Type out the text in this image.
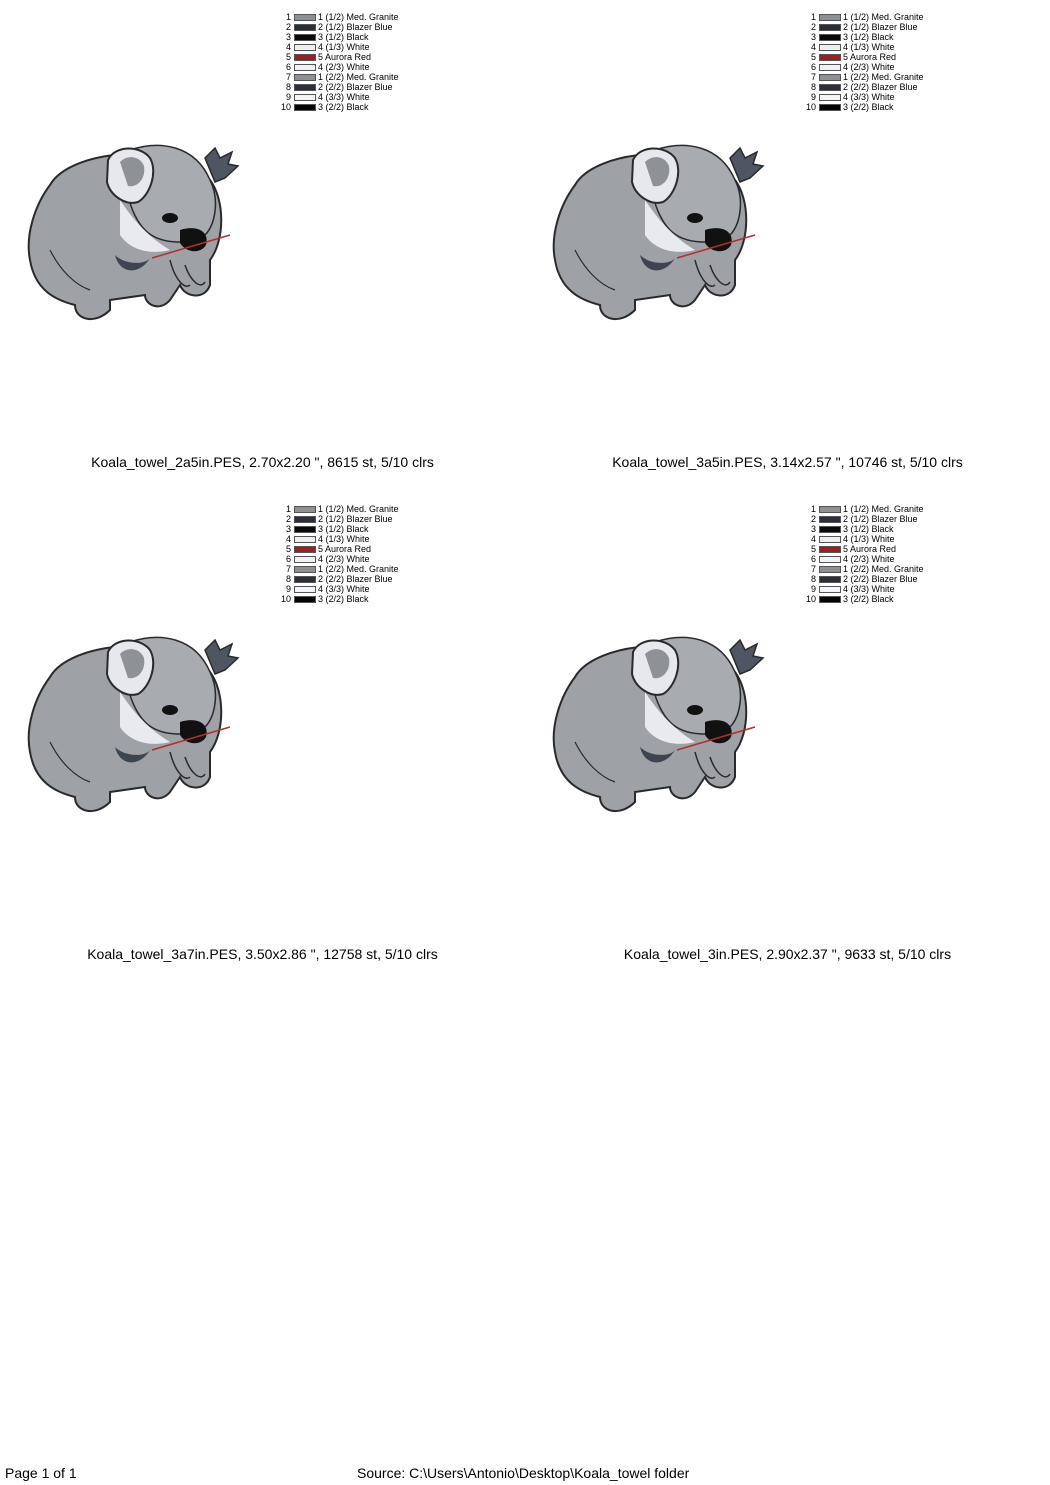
1	1 (1/2) Med. Granite
2	2 (1/2) Blazer Blue
3	3 (1/2) Black
4	4 (1/3) White
5	5 Aurora Red
6	4 (2/3) White
7	1 (2/2) Med. Granite
8	2 (2/2) Blazer Blue
9	4 (3/3) White
10	3 (2/2) Black
Koala_towel_2a5in.PES, 2.70x2.20 ", 8615 st, 5/10 clrs
1	1 (1/2) Med. Granite
2	2 (1/2) Blazer Blue
3	3 (1/2) Black
4	4 (1/3) White
5	5 Aurora Red
6	4 (2/3) White
7	1 (2/2) Med. Granite
8	2 (2/2) Blazer Blue
9	4 (3/3) White
10	3 (2/2) Black
Koala_towel_3a5in.PES, 3.14x2.57 ", 10746 st, 5/10 clrs
1	1 (1/2) Med. Granite
2	2 (1/2) Blazer Blue
3	3 (1/2) Black
4	4 (1/3) White
5	5 Aurora Red
6	4 (2/3) White
7	1 (2/2) Med. Granite
8	2 (2/2) Blazer Blue
9	4 (3/3) White
10	3 (2/2) Black
Koala_towel_3a7in.PES, 3.50x2.86 ", 12758 st, 5/10 clrs
1	1 (1/2) Med. Granite
2	2 (1/2) Blazer Blue
3	3 (1/2) Black
4	4 (1/3) White
5	5 Aurora Red
6	4 (2/3) White
7	1 (2/2) Med. Granite
8	2 (2/2) Blazer Blue
9	4 (3/3) White
10	3 (2/2) Black
Koala_towel_3in.PES, 2.90x2.37 ", 9633 st, 5/10 clrs
Page 1 of 1	Source: C:\Users\Antonio\Desktop\Koala_towel folder
